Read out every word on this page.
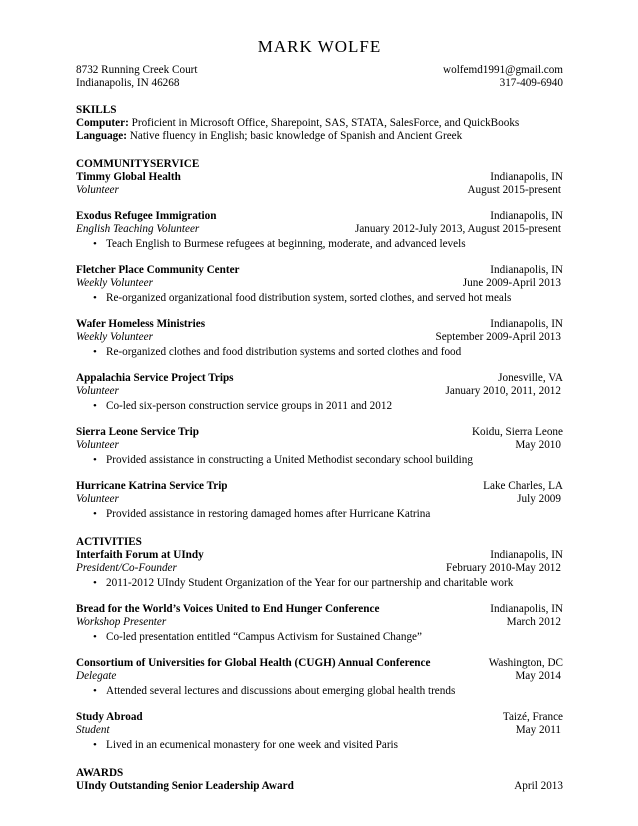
MARK WOLFE
8732 Running Creek Court	wolfemd1991@gmail.com
Indianapolis, IN 46268	317-409-6940
SKILLS
Computer: Proficient in Microsoft Office, Sharepoint, SAS, STATA, SalesForce, and QuickBooks
Language: Native fluency in English; basic knowledge of Spanish and Ancient Greek
COMMUNITYSERVICE
Timmy Global Health	Indianapolis, IN
Volunteer	August 2015-present
Exodus Refugee Immigration	Indianapolis, IN
English Teaching Volunteer	January 2012-July 2013, August 2015-present
• Teach English to Burmese refugees at beginning, moderate, and advanced levels
Fletcher Place Community Center	Indianapolis, IN
Weekly Volunteer	June 2009-April 2013
• Re-organized organizational food distribution system, sorted clothes, and served hot meals
Wafer Homeless Ministries	Indianapolis, IN
Weekly Volunteer	September 2009-April 2013
• Re-organized clothes and food distribution systems and sorted clothes and food
Appalachia Service Project Trips	Jonesville, VA
Volunteer	January 2010, 2011, 2012
• Co-led six-person construction service groups in 2011 and 2012
Sierra Leone Service Trip	Koidu, Sierra Leone
Volunteer	May 2010
• Provided assistance in constructing a United Methodist secondary school building
Hurricane Katrina Service Trip	Lake Charles, LA
Volunteer	July 2009
• Provided assistance in restoring damaged homes after Hurricane Katrina
ACTIVITIES
Interfaith Forum at UIndy	Indianapolis, IN
President/Co-Founder	February 2010-May 2012
• 2011-2012 UIndy Student Organization of the Year for our partnership and charitable work
Bread for the World’s Voices United to End Hunger Conference	Indianapolis, IN
Workshop Presenter	March 2012
• Co-led presentation entitled “Campus Activism for Sustained Change”
Consortium of Universities for Global Health (CUGH) Annual Conference	Washington, DC
Delegate	May 2014
• Attended several lectures and discussions about emerging global health trends
Study Abroad	Taizé, France
Student	May 2011
• Lived in an ecumenical monastery for one week and visited Paris
AWARDS
UIndy Outstanding Senior Leadership Award	April 2013
